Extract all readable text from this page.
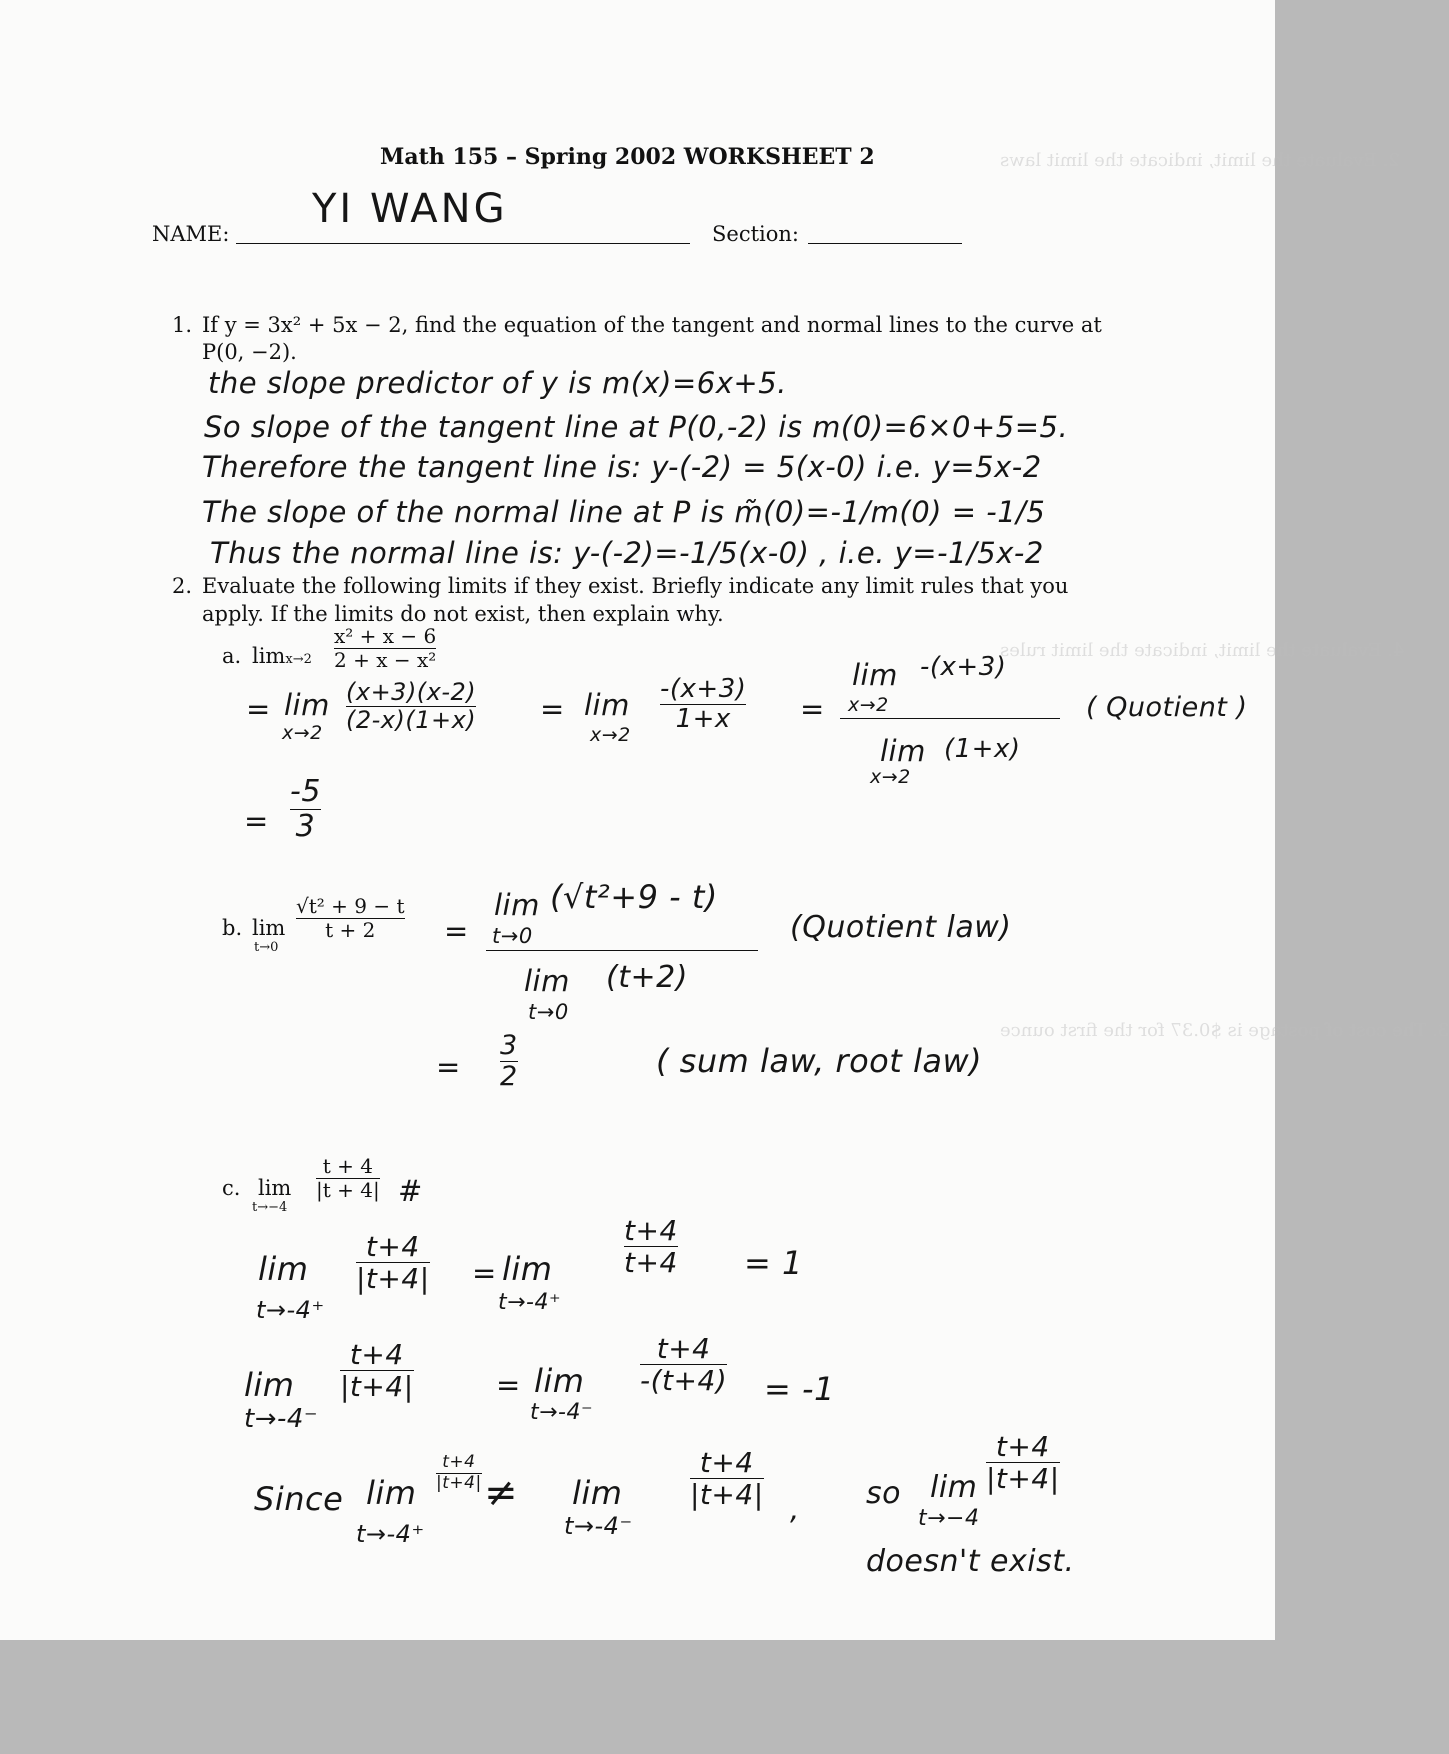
2. Evaluate the limit, indicate the limit laws
4. Evaluate the limit, indicate the limit rules
3. The cost of postage is $0.37 for the first ounce
Math 155 – Spring 2002 WORKSHEET 2
NAME:
YI WANG
Section:
1. If y = 3x² + 5x − 2, find the equation of the tangent and normal lines to the curve at
P(0, −2).
the slope predictor of y is m(x)=6x+5.
So slope of the tangent line at P(0,-2) is m(0)=6×0+5=5.
Therefore the tangent line is: y-(-2) = 5(x-0) i.e. y=5x-2
The slope of the normal line at P is m̃(0)=-1/m(0) = -1/5
Thus the normal line is: y-(-2)=-1/5(x-0) , i.e. y=-1/5x-2
2. Evaluate the following limits if they exist. Briefly indicate any limit rules that you
apply. If the limits do not exist, then explain why.
a. $\lim x\to 2 \frac{\text{x² + x − 6}}{\text{2 + x − x²}}$
= lim
$x\to 2 \frac{(x+3)(x-2)}{(2-x)(1+x)} = \lim$
x→2
$\frac{-(x+3)}{1+x}$ =
lim
x→2
-(x+3)
lim (1+x)
x→2
( Quotient )
= $\frac{-5}{3}$
b. lim
t→0
$\frac{\text{√t² + 9 − t}}{t + 2}$ =
lim (√t²+9 - t)
t→0
lim (t+2)
t→0
(Quotient law)
= $\frac{3}{2}$	( sum law, root law)
c. lim
t→−4
$\frac{t + 4}{|t + 4|}$ #
lim
t→-4⁺
$\frac{t+4}{|t+4|} = \lim$
t→-4⁺
$\frac{t+4}{t+4} = 1$
lim
t→-4⁻
$\frac{t+4}{|t+4|}$	= lim
t→-4⁻
$\frac{t+4}{-(t+4)} = -1$
Since lim
$\frac{t+4}{|t+4|}$ ≠
t→-4⁺
lim
t→-4⁻
$\frac{t+4}{|t+4|}$ , so lim
t→−4
$\frac{t+4}{|t+4|}$
doesn't exist.
